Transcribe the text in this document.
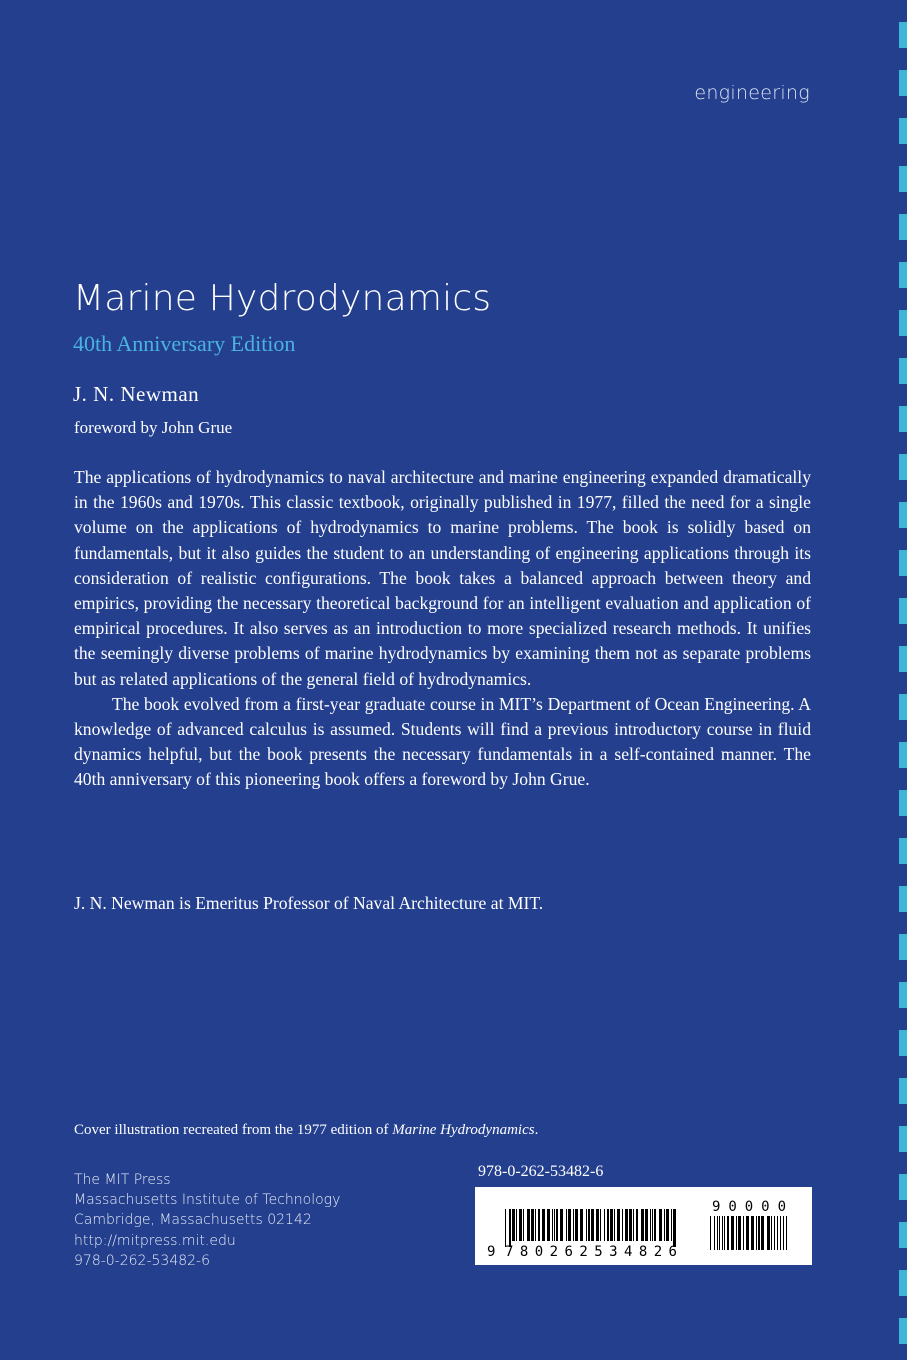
engineering
Marine Hydrodynamics
40th Anniversary Edition
J. N. Newman
foreword by John Grue

The applications of hydrodynamics to naval architecture and marine engineering expanded dramatically in the 1960s and 1970s. This classic textbook, originally published in 1977, filled the need for a single volume on the applications of hydrodynamics to marine problems. The book is solidly based on fundamentals, but it also guides the student to an understanding of engineering applications through its consideration of realistic configurations. The book takes a balanced approach between theory and empirics, providing the necessary theoretical background for an intelligent evaluation and application of empirical procedures. It also serves as an introduction to more specialized research methods. It unifies the seemingly diverse problems of marine hydrodynamics by examining them not as separate problems but as related applications of the general field of hydrodynamics.

The book evolved from a first-year graduate course in MIT’s Department of Ocean Engineering. A knowledge of advanced calculus is assumed. Students will find a previous introductory course in fluid dynamics helpful, but the book presents the necessary fundamentals in a self-contained manner. The 40th anniversary of this pioneering book offers a foreword by John Grue.

J. N. Newman is Emeritus Professor of Naval Architecture at MIT.
Cover illustration recreated from the 1977 edition of Marine Hydrodynamics.
The MIT Press
Massachusetts Institute of Technology
Cambridge, Massachusetts 02142
http://mitpress.mit.edu
978-0-262-53482-6
978-0-262-53482-6
9 780262534826
90000
